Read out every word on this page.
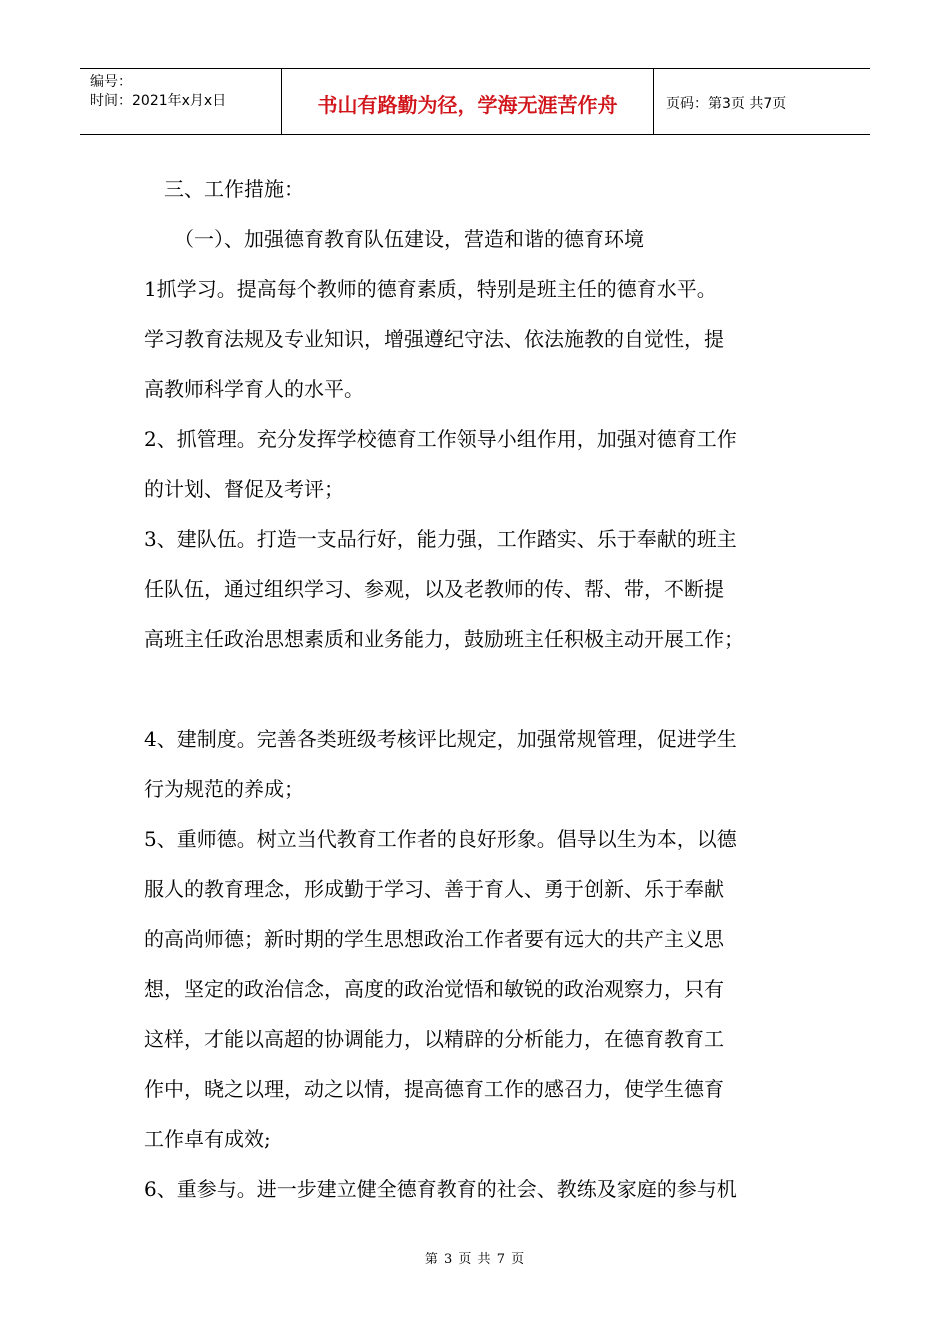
编号：
时间：2021年x月x日	书山有路勤为径，学海无涯苦作舟	页码：第3页 共7页

三、工作措施：

（一）、加强德育教育队伍建设，营造和谐的德育环境

1抓学习。提高每个教师的德育素质，特别是班主任的德育水平。

学习教育法规及专业知识，增强遵纪守法、依法施教的自觉性，提

高教师科学育人的水平。

2、抓管理。充分发挥学校德育工作领导小组作用，加强对德育工作

的计划、督促及考评；

3、建队伍。打造一支品行好，能力强，工作踏实、乐于奉献的班主

任队伍，通过组织学习、参观，以及老教师的传、帮、带，不断提

高班主任政治思想素质和业务能力，鼓励班主任积极主动开展工作；

4、建制度。完善各类班级考核评比规定，加强常规管理，促进学生

行为规范的养成；

5、重师德。树立当代教育工作者的良好形象。倡导以生为本，以德

服人的教育理念，形成勤于学习、善于育人、勇于创新、乐于奉献

的高尚师德；新时期的学生思想政治工作者要有远大的共产主义思

想，坚定的政治信念，高度的政治觉悟和敏锐的政治观察力，只有

这样，才能以高超的协调能力，以精辟的分析能力，在德育教育工

作中，晓之以理，动之以情，提高德育工作的感召力，使学生德育

工作卓有成效;

6、重参与。进一步建立健全德育教育的社会、教练及家庭的参与机

第 3 页 共 7 页
